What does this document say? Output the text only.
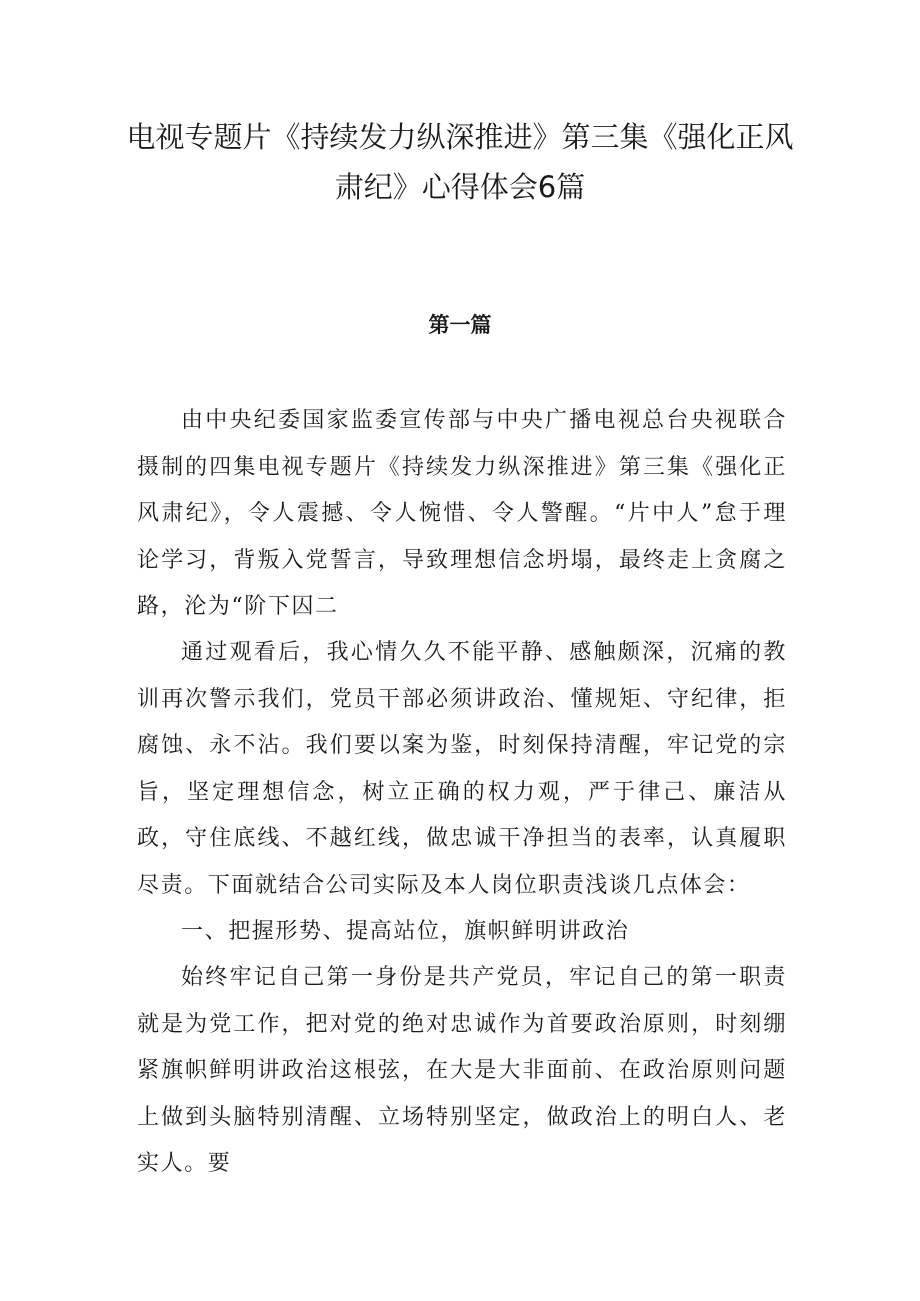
电视专题片《持续发力纵深推进》第三集《强化正风
肃纪》心得体会6篇
第一篇

由中央纪委国家监委宣传部与中央广播电视总台央视联合摄制的四集电视专题片《持续发力纵深推进》第三集《强化正风肃纪》，令人震撼、令人惋惜、令人警醒。“片中人”怠于理论学习，背叛入党誓言，导致理想信念坍塌，最终走上贪腐之路，沦为“阶下囚二

通过观看后，我心情久久不能平静、感触颇深，沉痛的教训再次警示我们，党员干部必须讲政治、懂规矩、守纪律，拒腐蚀、永不沾。我们要以案为鉴，时刻保持清醒，牢记党的宗旨，坚定理想信念，树立正确的权力观，严于律己、廉洁从政，守住底线、不越红线，做忠诚干净担当的表率，认真履职尽责。下面就结合公司实际及本人岗位职责浅谈几点体会：

一、把握形势、提高站位，旗帜鲜明讲政治

始终牢记自己第一身份是共产党员，牢记自己的第一职责就是为党工作，把对党的绝对忠诚作为首要政治原则，时刻绷紧旗帜鲜明讲政治这根弦，在大是大非面前、在政治原则问题上做到头脑特别清醒、立场特别坚定，做政治上的明白人、老实人。要
